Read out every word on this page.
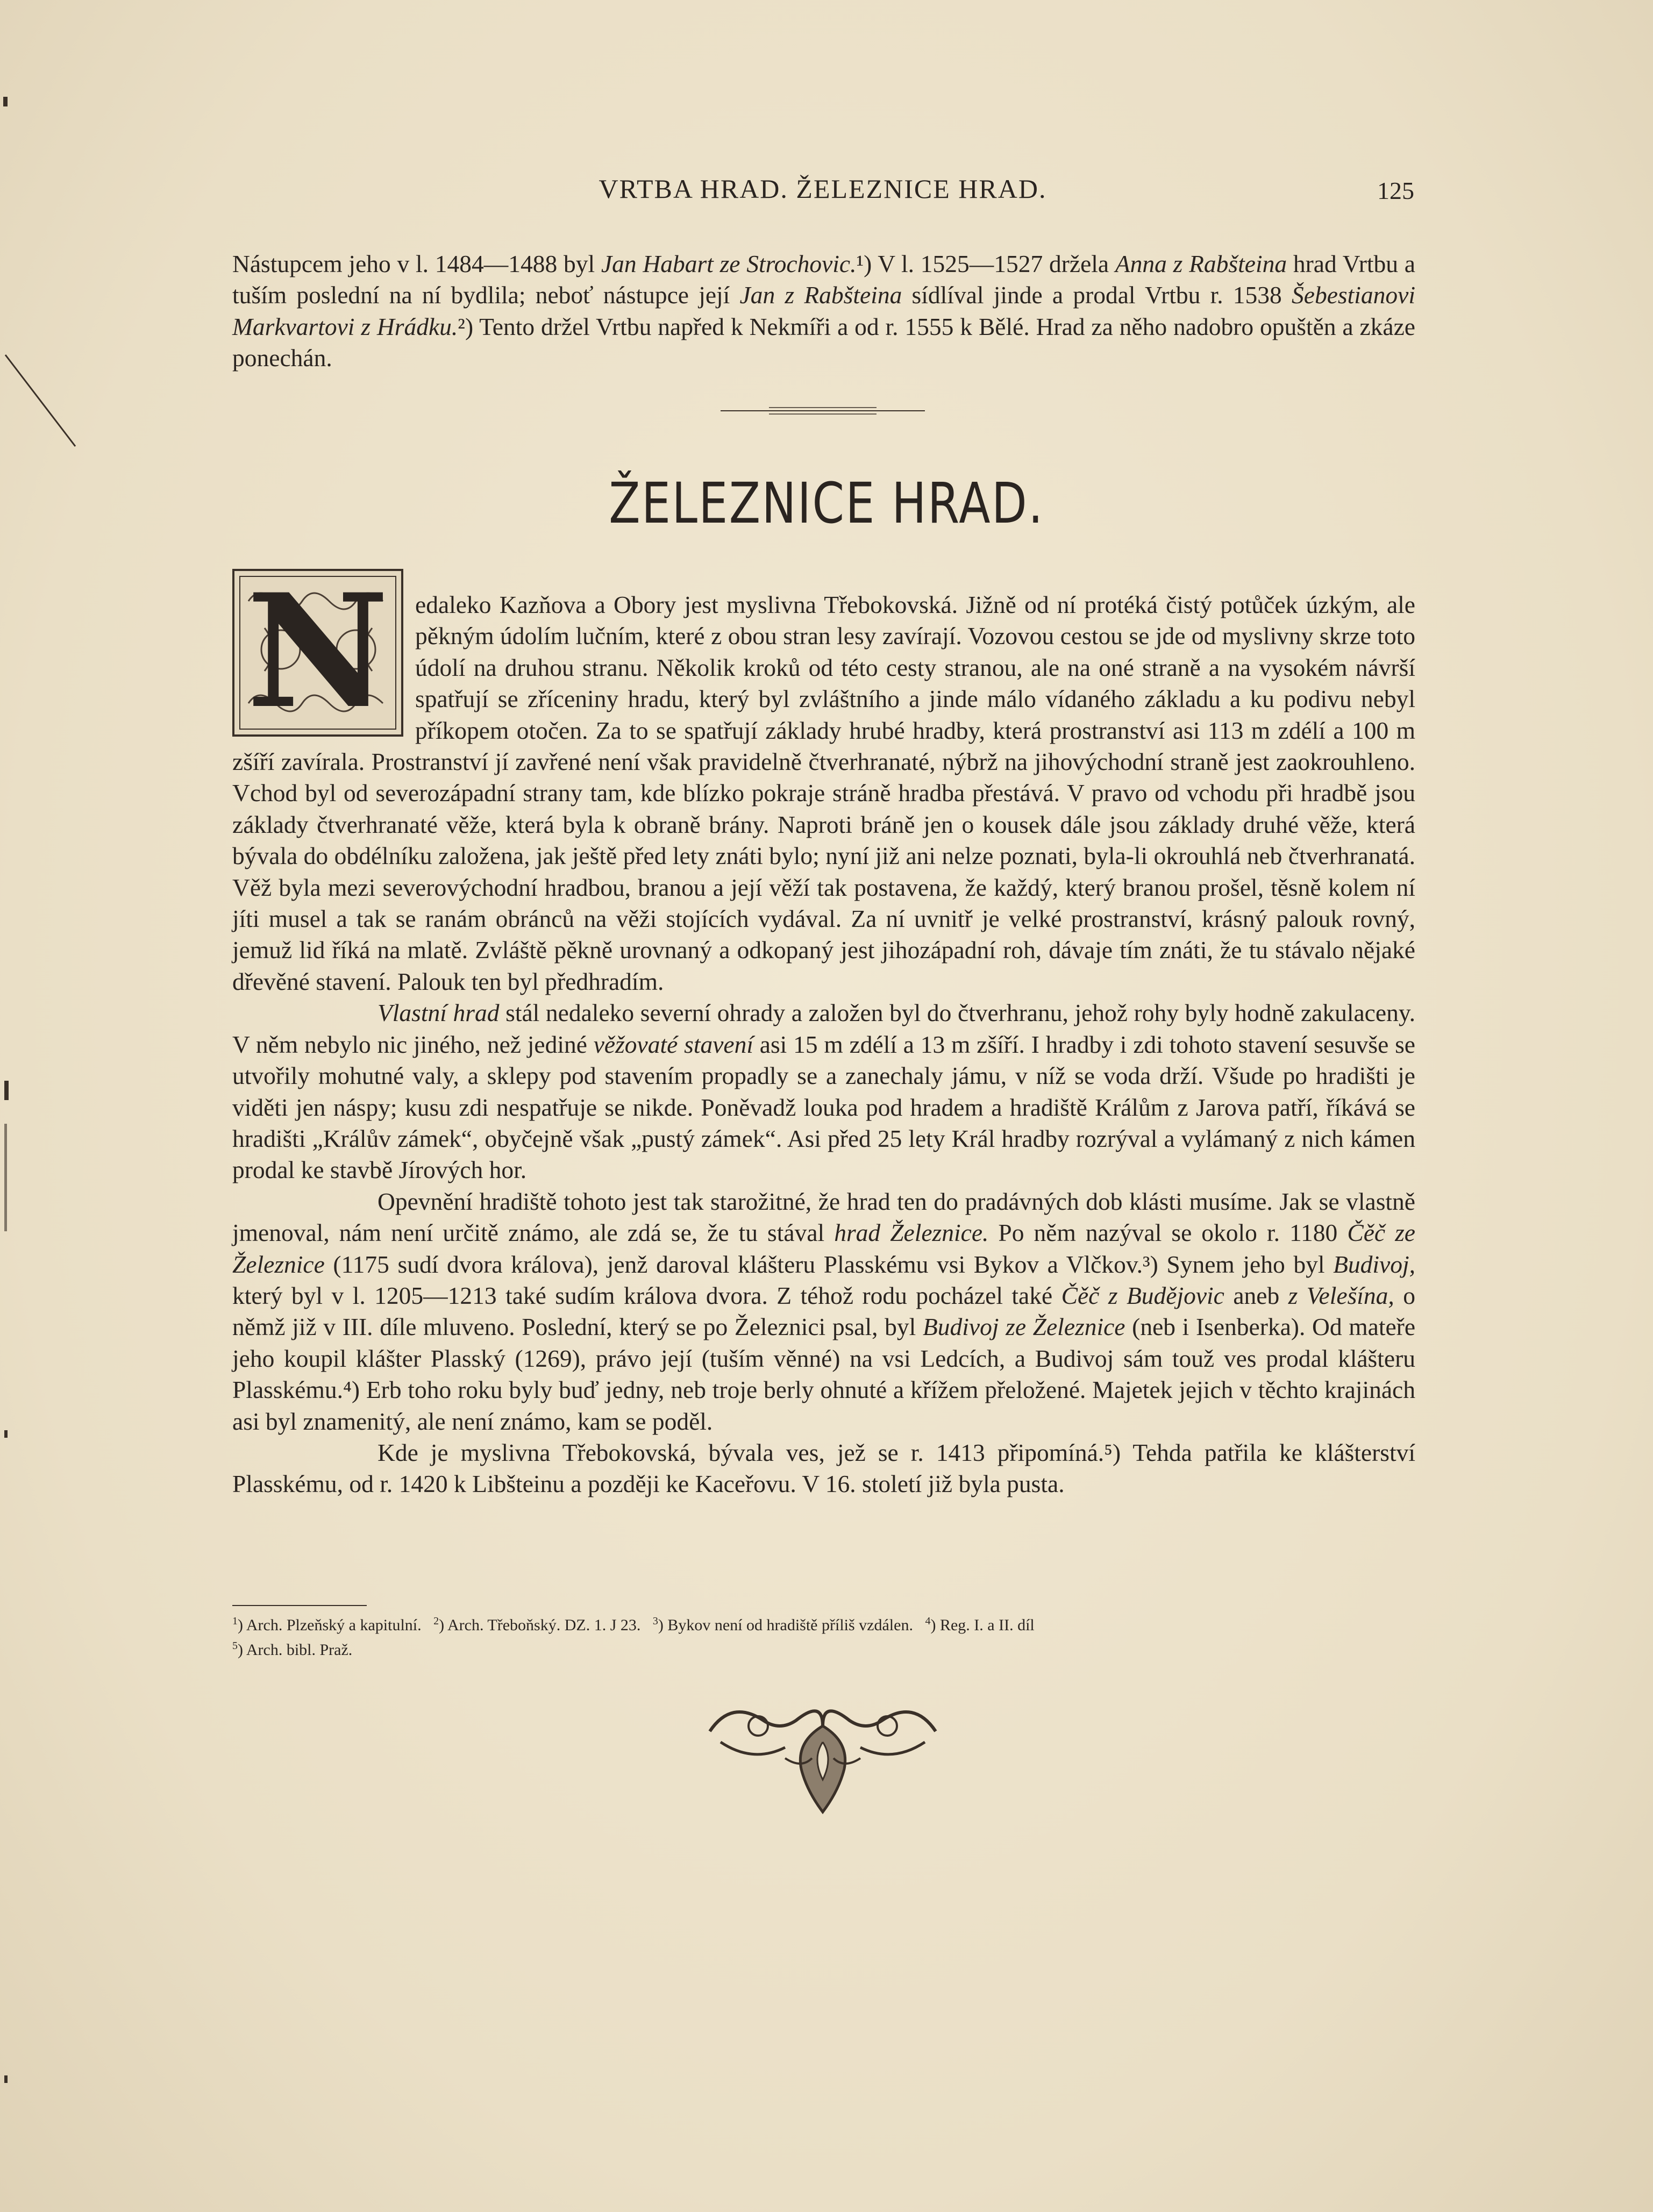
VRTBA HRAD. ŽELEZNICE HRAD.	125

Nástupcem jeho v l. 1484—1488 byl Jan Habart ze Strochovic.¹) V l. 1525—1527 držela Anna z Rabšteina hrad Vrtbu a tuším poslední na ní bydlila; neboť nástupce její Jan z Rabšteina sídlíval jinde a prodal Vrtbu r. 1538 Šebestianovi Markvartovi z Hrádku.²) Tento držel Vrtbu napřed k Nekmíři a od r. 1555 k Bělé. Hrad za něho nadobro opuštěn a zkáze ponechán.

ŽELEZNICE HRAD.
N	edaleko Kazňova a Obory jest myslivna Třebokovská. Jižně od ní protéká čistý potůček úzkým, ale pěkným údolím lučním, které z obou stran lesy zavírají. Vozovou cestou se jde od myslivny skrze toto údolí na druhou stranu. Několik kroků od této cesty stranou, ale na oné straně a na vysokém návrší spatřují se zříceniny hradu, který byl zvláštního a jinde málo vídaného základu a ku podivu nebyl příkopem otočen. Za to se spatřují základy hrubé hradby, která prostranství asi 113 m zdélí a 100 m zšíří zavírala. Prostranství jí zavřené není však pravidelně čtverhranaté, nýbrž na jihovýchodní straně jest zaokrouhleno. Vchod byl od severozápadní strany tam, kde blízko pokraje stráně hradba přestává. V pravo od vchodu při hradbě jsou základy čtverhranaté věže, která byla k obraně brány. Naproti bráně jen o kousek dále jsou základy druhé věže, která bývala do obdélníku založena, jak ještě před lety znáti bylo; nyní již ani nelze poznati, byla-li okrouhlá neb čtverhranatá. Věž byla mezi severovýchodní hradbou, branou a její věží tak postavena, že každý, který branou prošel, těsně kolem ní jíti musel a tak se ranám obránců na věži stojících vydával. Za ní uvnitř je velké prostranství, krásný palouk rovný, jemuž lid říká na mlatě. Zvláště pěkně urovnaný a odkopaný jest jihozápadní roh, dávaje tím znáti, že tu stávalo nějaké dřevěné stavení. Palouk ten byl předhradím.

Vlastní hrad stál nedaleko severní ohrady a založen byl do čtverhranu, jehož rohy byly hodně zakulaceny. V něm nebylo nic jiného, než jediné věžovaté stavení asi 15 m zdélí a 13 m zšíří. I hradby i zdi tohoto stavení sesuvše se utvořily mohutné valy, a sklepy pod stavením propadly se a zanechaly jámu, v níž se voda drží. Všude po hradišti je viděti jen náspy; kusu zdi nespatřuje se nikde. Poněvadž louka pod hradem a hradiště Králům z Jarova patří, říkává se hradišti „Králův zámek“, obyčejně však „pustý zámek“. Asi před 25 lety Král hradby rozrýval a vylámaný z nich kámen prodal ke stavbě Jírových hor.

Opevnění hradiště tohoto jest tak starožitné, že hrad ten do pradávných dob klásti musíme. Jak se vlastně jmenoval, nám není určitě známo, ale zdá se, že tu stával hrad Železnice. Po něm nazýval se okolo r. 1180 Čěč ze Železnice (1175 sudí dvora králova), jenž daroval klášteru Plasskému vsi Bykov a Vlčkov.³) Synem jeho byl Budivoj, který byl v l. 1205—1213 také sudím králova dvora. Z téhož rodu pocházel také Čěč z Budějovic aneb z Velešína, o němž již v III. díle mluveno. Poslední, který se po Železnici psal, byl Budivoj ze Železnice (neb i Isenberka). Od mateře jeho koupil klášter Plasský (1269), právo její (tuším věnné) na vsi Ledcích, a Budivoj sám touž ves prodal klášteru Plasskému.⁴) Erb toho roku byly buď jedny, neb troje berly ohnuté a křížem přeložené. Majetek jejich v těchto krajinách asi byl znamenitý, ale není známo, kam se poděl.

Kde je myslivna Třebokovská, bývala ves, jež se r. 1413 připomíná.⁵) Tehda patřila ke klášterství Plasskému, od r. 1420 k Libšteinu a později ke Kaceřovu. V 16. století již byla pusta.

$^1$) Arch. Plzeňský a kapitulní. $^2$) Arch. Třeboňský. DZ. 1. J 23. $^3$) Bykov není od hradiště příliš vzdálen. $^4$) Reg. I. a II. díl

$^5$) Arch. bibl. Praž.
